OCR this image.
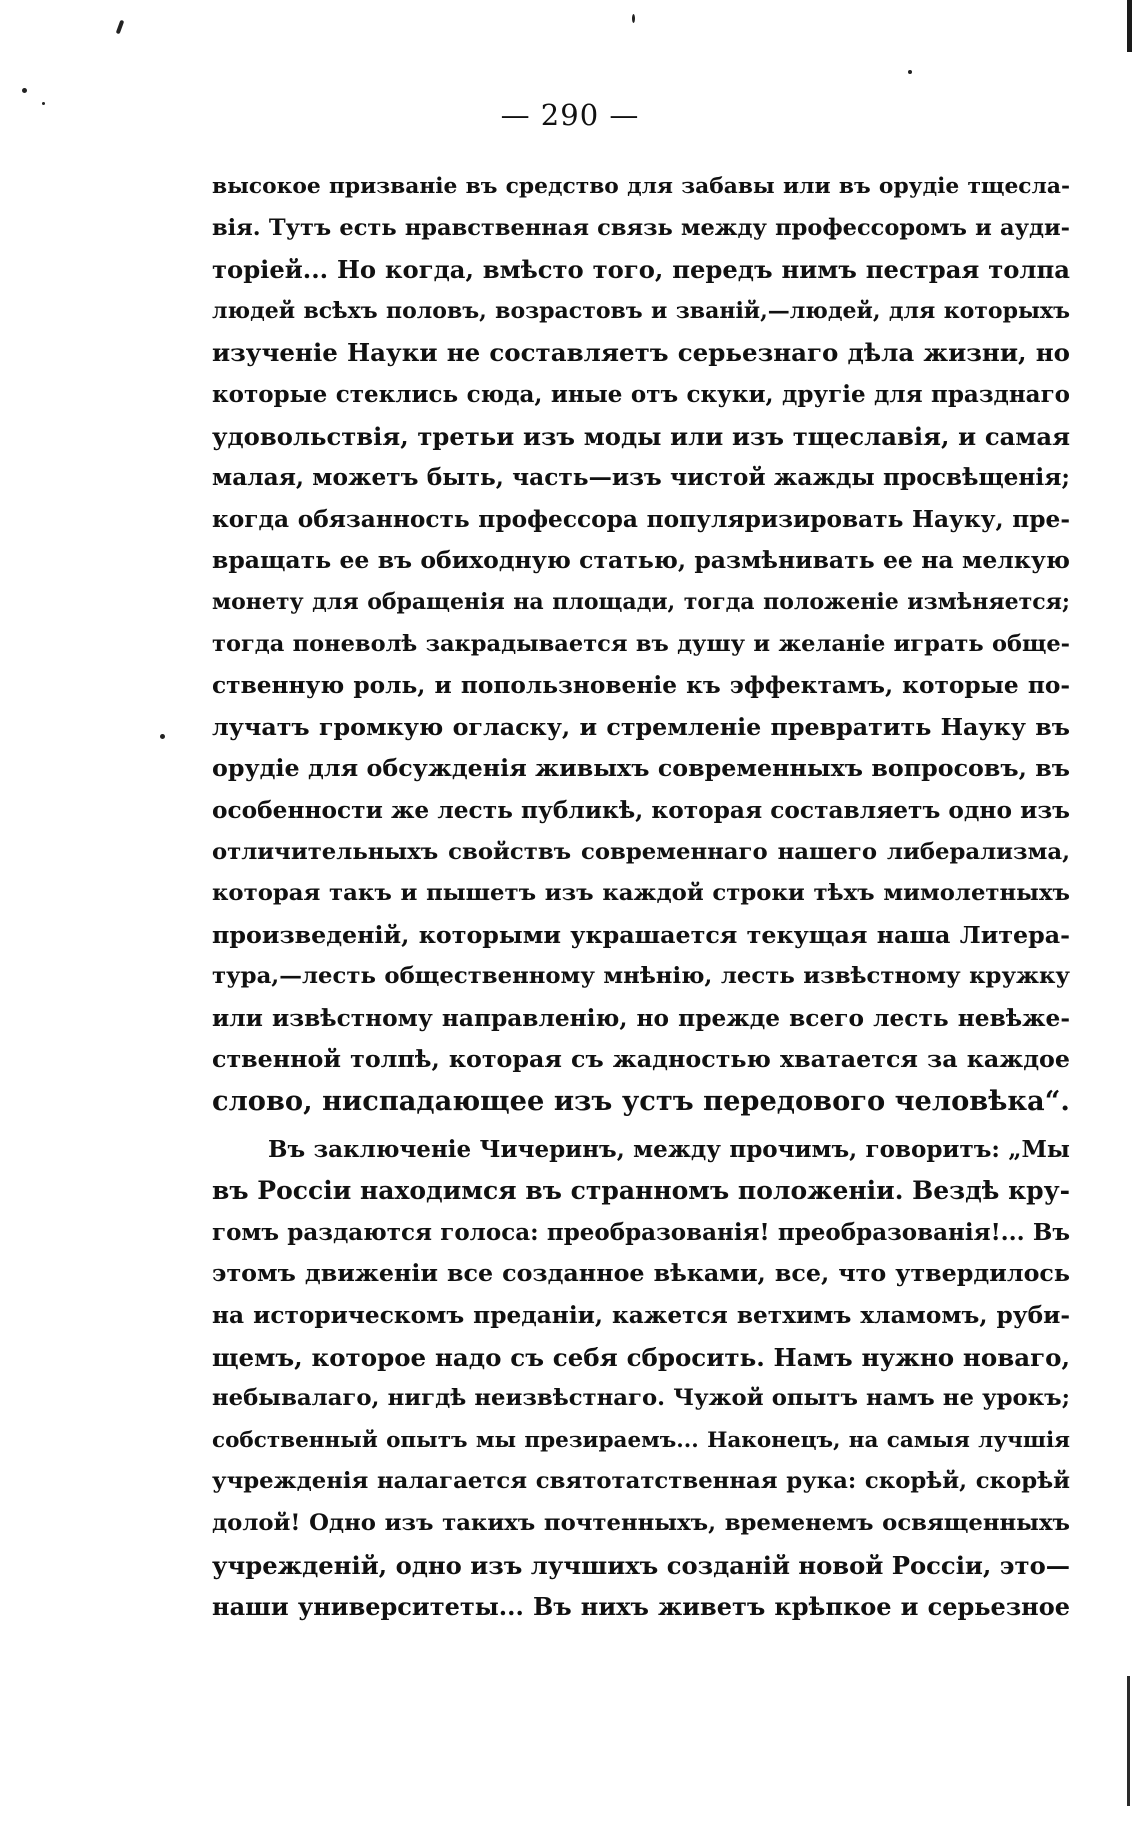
— 290 —
высокое призваніе въ средство для забавы или въ орудіе тщесла-
вія. Тутъ есть нравственная связь между профессоромъ и ауди-
торіей... Но когда, вмѣсто того, передъ нимъ пестрая толпа
людей всѣхъ половъ, возрастовъ и званій,—людей, для которыхъ
изученіе Науки не составляетъ серьезнаго дѣла жизни, но
которые стеклись сюда, иные отъ скуки, другіе для празднаго
удовольствія, третьи изъ моды или изъ тщеславія, и самая
малая, можетъ быть, часть—изъ чистой жажды просвѣщенія;
когда обязанность профессора популяризировать Науку, пре-
вращать ее въ обиходную статью, размѣнивать ее на мелкую
монету для обращенія на площади, тогда положеніе измѣняется;
тогда поневолѣ закрадывается въ душу и желаніе играть обще-
ственную роль, и попользновеніе къ эффектамъ, которые по-
лучатъ громкую огласку, и стремленіе превратить Науку въ
орудіе для обсужденія живыхъ современныхъ вопросовъ, въ
особенности же лесть публикѣ, которая составляетъ одно изъ
отличительныхъ свойствъ современнаго нашего либерализма,
которая такъ и пышетъ изъ каждой строки тѣхъ мимолетныхъ
произведеній, которыми украшается текущая наша Литера-
тура,—лесть общественному мнѣнію, лесть извѣстному кружку
или извѣстному направленію, но прежде всего лесть невѣже-
ственной толпѣ, которая съ жадностью хватается за каждое
слово, ниспадающее изъ устъ передового человѣка“.
Въ заключеніе Чичеринъ, между прочимъ, говоритъ: „Мы
въ Россіи находимся въ странномъ положеніи. Вездѣ кру-
гомъ раздаются голоса: преобразованія! преобразованія!... Въ
этомъ движеніи все созданное вѣками, все, что утвердилось
на историческомъ преданіи, кажется ветхимъ хламомъ, руби-
щемъ, которое надо съ себя сбросить. Намъ нужно новаго,
небывалаго, нигдѣ неизвѣстнаго. Чужой опытъ намъ не урокъ;
собственный опытъ мы презираемъ... Наконецъ, на самыя лучшія
учрежденія налагается святотатственная рука: скорѣй, скорѣй
долой! Одно изъ такихъ почтенныхъ, временемъ освященныхъ
учрежденій, одно изъ лучшихъ созданій новой Россіи, это—
наши университеты... Въ нихъ живетъ крѣпкое и серьезное
